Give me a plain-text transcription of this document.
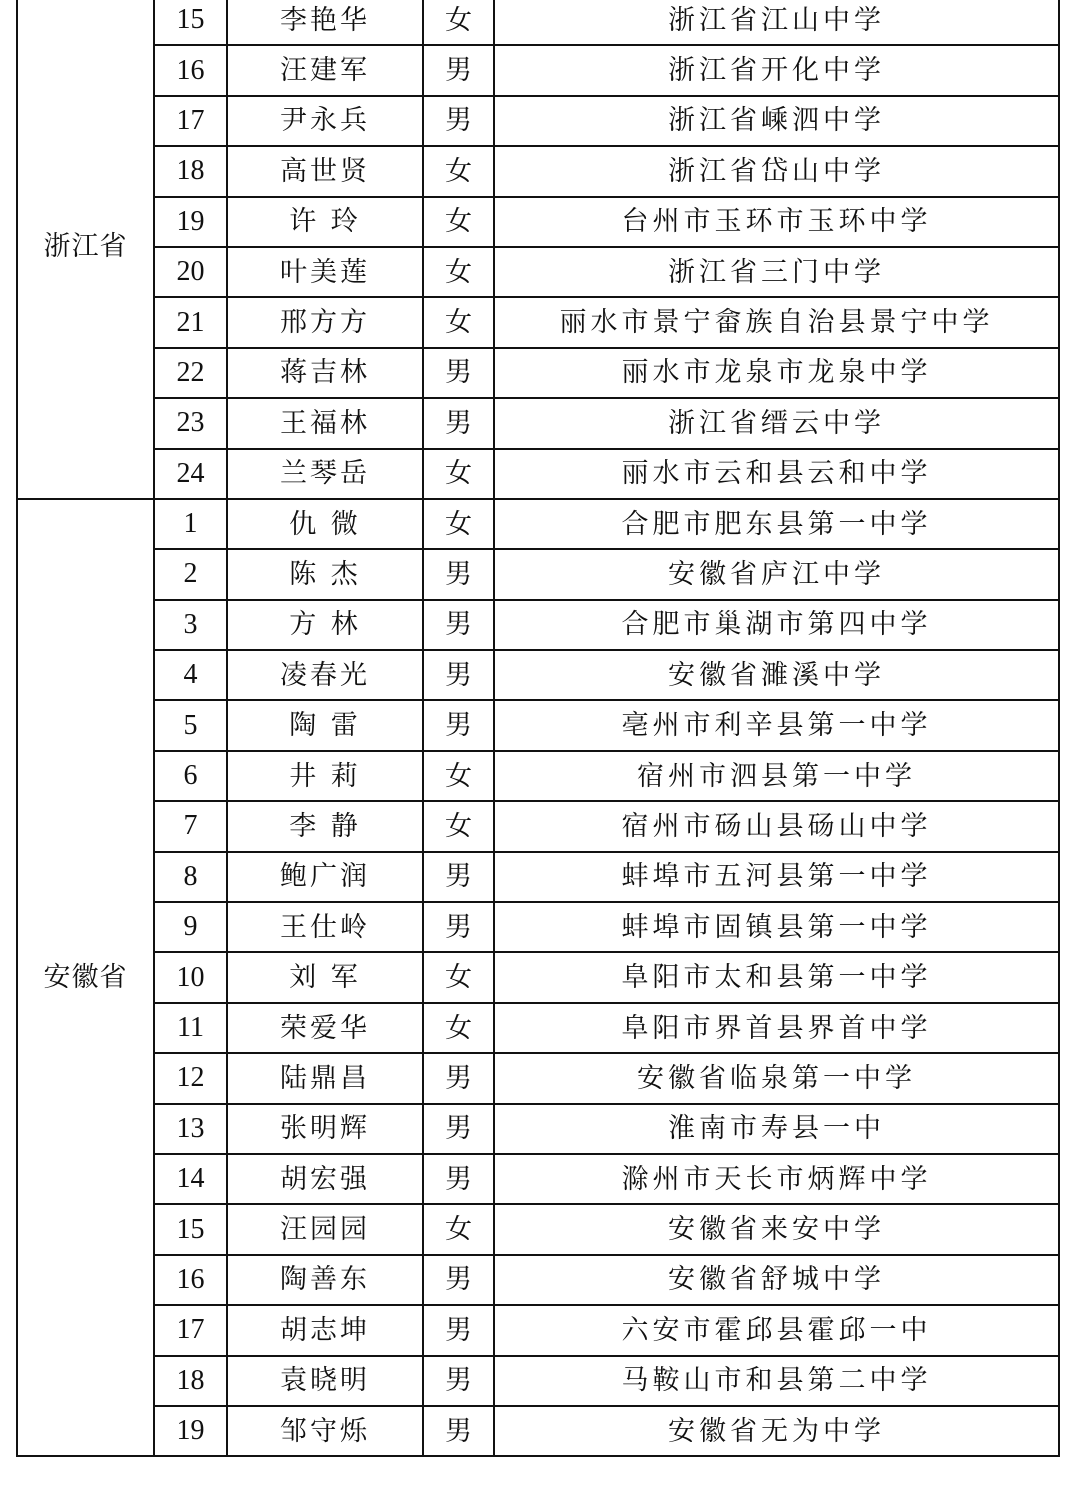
浙江省	15	李艳华	女	浙江省江山中学
	16	汪建军	男	浙江省开化中学
	17	尹永兵	男	浙江省嵊泗中学
	18	高世贤	女	浙江省岱山中学
	19	许 玲	女	台州市玉环市玉环中学
	20	叶美莲	女	浙江省三门中学
	21	邢方方	女	丽水市景宁畲族自治县景宁中学
	22	蒋吉林	男	丽水市龙泉市龙泉中学
	23	王福林	男	浙江省缙云中学
	24	兰琴岳	女	丽水市云和县云和中学
安徽省	1	仇 微	女	合肥市肥东县第一中学
	2	陈 杰	男	安徽省庐江中学
	3	方 林	男	合肥市巢湖市第四中学
	4	凌春光	男	安徽省濉溪中学
	5	陶 雷	男	亳州市利辛县第一中学
	6	井 莉	女	宿州市泗县第一中学
	7	李 静	女	宿州市砀山县砀山中学
	8	鲍广润	男	蚌埠市五河县第一中学
	9	王仕岭	男	蚌埠市固镇县第一中学
	10	刘 军	女	阜阳市太和县第一中学
	11	荣爱华	女	阜阳市界首县界首中学
	12	陆鼎昌	男	安徽省临泉第一中学
	13	张明辉	男	淮南市寿县一中
	14	胡宏强	男	滁州市天长市炳辉中学
	15	汪园园	女	安徽省来安中学
	16	陶善东	男	安徽省舒城中学
	17	胡志坤	男	六安市霍邱县霍邱一中
	18	袁晓明	男	马鞍山市和县第二中学
	19	邹守烁	男	安徽省无为中学
